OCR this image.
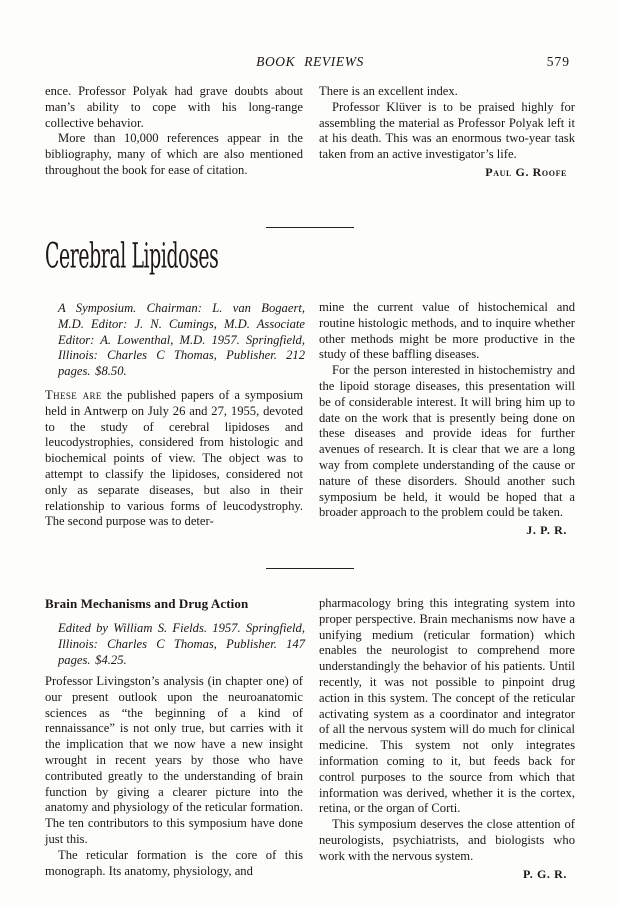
BOOK REVIEWS	579

ence. Professor Polyak had grave doubts about man’s ability to cope with his long-range collective behavior.

More than 10,000 references appear in the bibliography, many of which are also mentioned throughout the book for ease of citation.

There is an excellent index.

Professor Klüver is to be praised highly for assembling the material as Professor Polyak left it at his death. This was an enormous two-year task taken from an active investigator’s life.

Paul G. Roofe
Cerebral Lipidoses
A Symposium. Chairman: L. van Bogaert, M.D. Editor: J. N. Cumings, M.D. Associate Editor: A. Lowenthal, M.D. 1957. Springfield, Illinois: Charles C Thomas, Publisher. 212 pages. $8.50.

These are the published papers of a symposium held in Antwerp on July 26 and 27, 1955, devoted to the study of cerebral lipidoses and leucodystrophies, considered from histologic and biochemical points of view. The object was to attempt to classify the lipidoses, considered not only as separate diseases, but also in their relationship to various forms of leucodystrophy. The second purpose was to deter-

mine the current value of histochemical and routine histologic methods, and to inquire whether other methods might be more productive in the study of these baffling diseases.

For the person interested in histochemistry and the lipoid storage diseases, this presentation will be of considerable interest. It will bring him up to date on the work that is presently being done on these diseases and provide ideas for further avenues of research. It is clear that we are a long way from complete understanding of the cause or nature of these disorders. Should another such symposium be held, it would be hoped that a broader approach to the problem could be taken.

J. P. R.
Brain Mechanisms and Drug Action
Edited by William S. Fields. 1957. Springfield, Illinois: Charles C Thomas, Publisher. 147 pages. $4.25.

Professor Livingston’s analysis (in chapter one) of our present outlook upon the neuroanatomic sciences as “the beginning of a kind of rennaissance” is not only true, but carries with it the implication that we now have a new insight wrought in recent years by those who have contributed greatly to the understanding of brain function by giving a clearer picture into the anatomy and physiology of the reticular formation. The ten contributors to this symposium have done just this.

The reticular formation is the core of this monograph. Its anatomy, physiology, and

pharmacology bring this integrating system into proper perspective. Brain mechanisms now have a unifying medium (reticular formation) which enables the neurologist to comprehend more understandingly the behavior of his patients. Until recently, it was not possible to pinpoint drug action in this system. The concept of the reticular activating system as a coordinator and integrator of all the nervous system will do much for clinical medicine. This system not only integrates information coming to it, but feeds back for control purposes to the source from which that information was derived, whether it is the cortex, retina, or the organ of Corti.

This symposium deserves the close attention of neurologists, psychiatrists, and biologists who work with the nervous system.

P. G. R.
